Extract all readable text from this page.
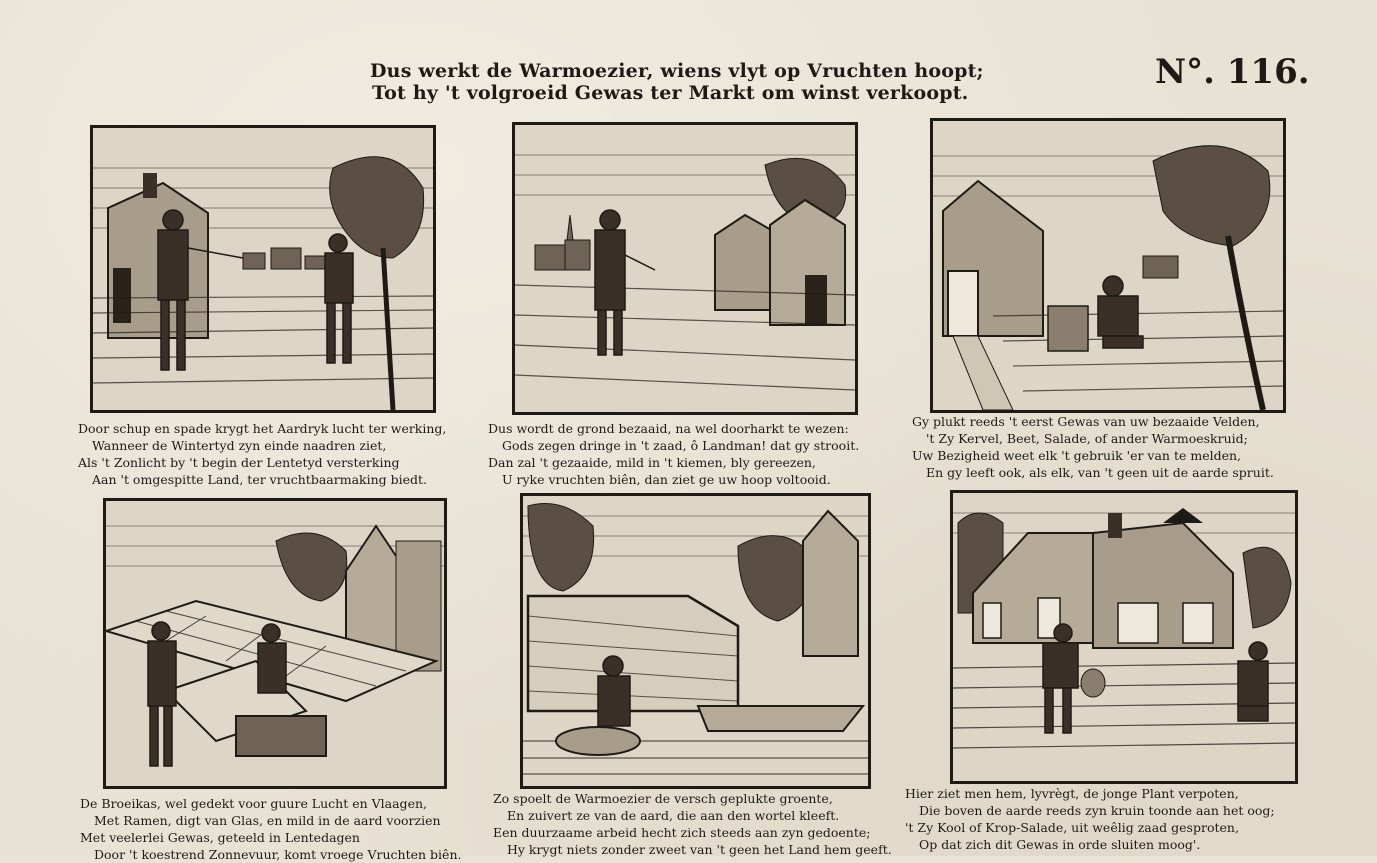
Dus werkt de Warmoezier, wiens vlyt op Vruchten hoopt;
Tot hy 't volgroeid Gewas ter Markt om winst verkoopt.
N°. 116.
Door schup en spade krygt het Aardryk lucht ter werking,
Wanneer de Wintertyd zyn einde naadren ziet,
Als 't Zonlicht by 't begin der Lentetyd versterking
Aan 't omgespitte Land, ter vruchtbaarmaking biedt.
Dus wordt de grond bezaaid, na wel doorharkt te wezen:
Gods zegen dringe in 't zaad, ô Landman! dat gy strooit.
Dan zal 't gezaaide, mild in 't kiemen, bly gereezen,
U ryke vruchten biên, dan ziet ge uw hoop voltooid.
Gy plukt reeds 't eerst Gewas van uw bezaaide Velden,
't Zy Kervel, Beet, Salade, of ander Warmoeskruid;
Uw Bezigheid weet elk 't gebruik 'er van te melden,
En gy leeft ook, als elk, van 't geen uit de aarde spruit.
De Broeikas, wel gedekt voor guure Lucht en Vlaagen,
Met Ramen, digt van Glas, en mild in de aard voorzien
Met veelerlei Gewas, geteeld in Lentedagen
Door 't koestrend Zonnevuur, komt vroege Vruchten biên.
Zo spoelt de Warmoezier de versch geplukte groente,
En zuivert ze van de aard, die aan den wortel kleeft.
Een duurzaame arbeid hecht zich steeds aan zyn gedoente;
Hy krygt niets zonder zweet van 't geen het Land hem geeft.
Hier ziet men hem, lyvrègt, de jonge Plant verpoten,
Die boven de aarde reeds zyn kruin toonde aan het oog;
't Zy Kool of Krop-Salade, uit weêlig zaad gesproten,
Op dat zich dit Gewas in orde sluiten moog'.
